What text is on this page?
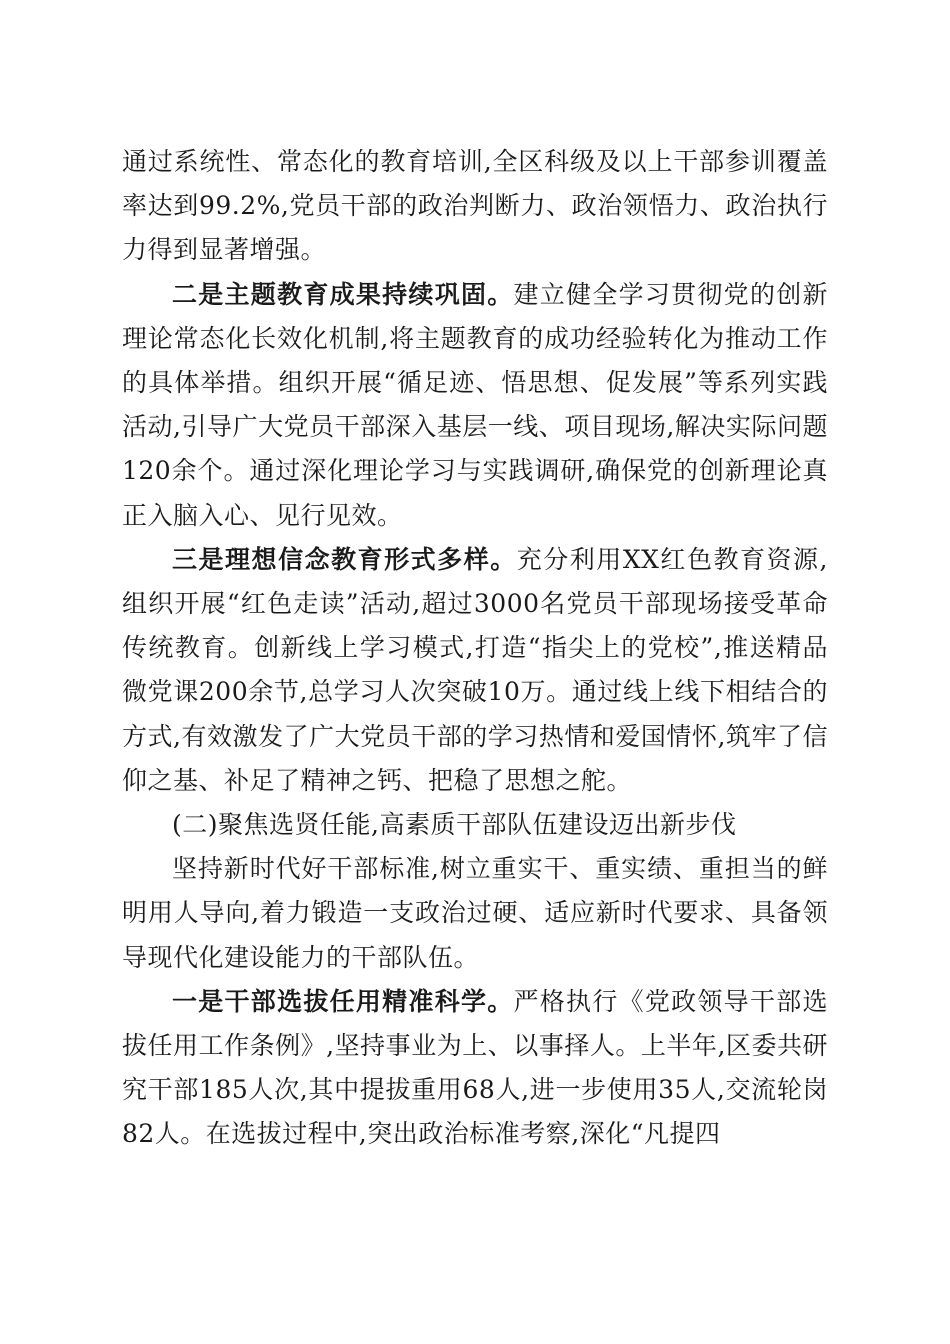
通过系统性、常态化的教育培训,全区科级及以上干部参训覆盖率达到99.2%,党员干部的政治判断力、政治领悟力、政治执行力得到显著增强。

二是主题教育成果持续巩固。建立健全学习贯彻党的创新理论常态化长效化机制,将主题教育的成功经验转化为推动工作的具体举措。组织开展“循足迹、悟思想、促发展”等系列实践活动,引导广大党员干部深入基层一线、项目现场,解决实际问题120余个。通过深化理论学习与实践调研,确保党的创新理论真正入脑入心、见行见效。

三是理想信念教育形式多样。充分利用XX红色教育资源,组织开展“红色走读”活动,超过3000名党员干部现场接受革命传统教育。创新线上学习模式,打造“指尖上的党校”,推送精品微党课200余节,总学习人次突破10万。通过线上线下相结合的方式,有效激发了广大党员干部的学习热情和爱国情怀,筑牢了信仰之基、补足了精神之钙、把稳了思想之舵。

(二)聚焦选贤任能,高素质干部队伍建设迈出新步伐

坚持新时代好干部标准,树立重实干、重实绩、重担当的鲜明用人导向,着力锻造一支政治过硬、适应新时代要求、具备领导现代化建设能力的干部队伍。

一是干部选拔任用精准科学。严格执行《党政领导干部选拔任用工作条例》,坚持事业为上、以事择人。上半年,区委共研究干部185人次,其中提拔重用68人,进一步使用35人,交流轮岗82人。在选拔过程中,突出政治标准考察,深化“凡提四
